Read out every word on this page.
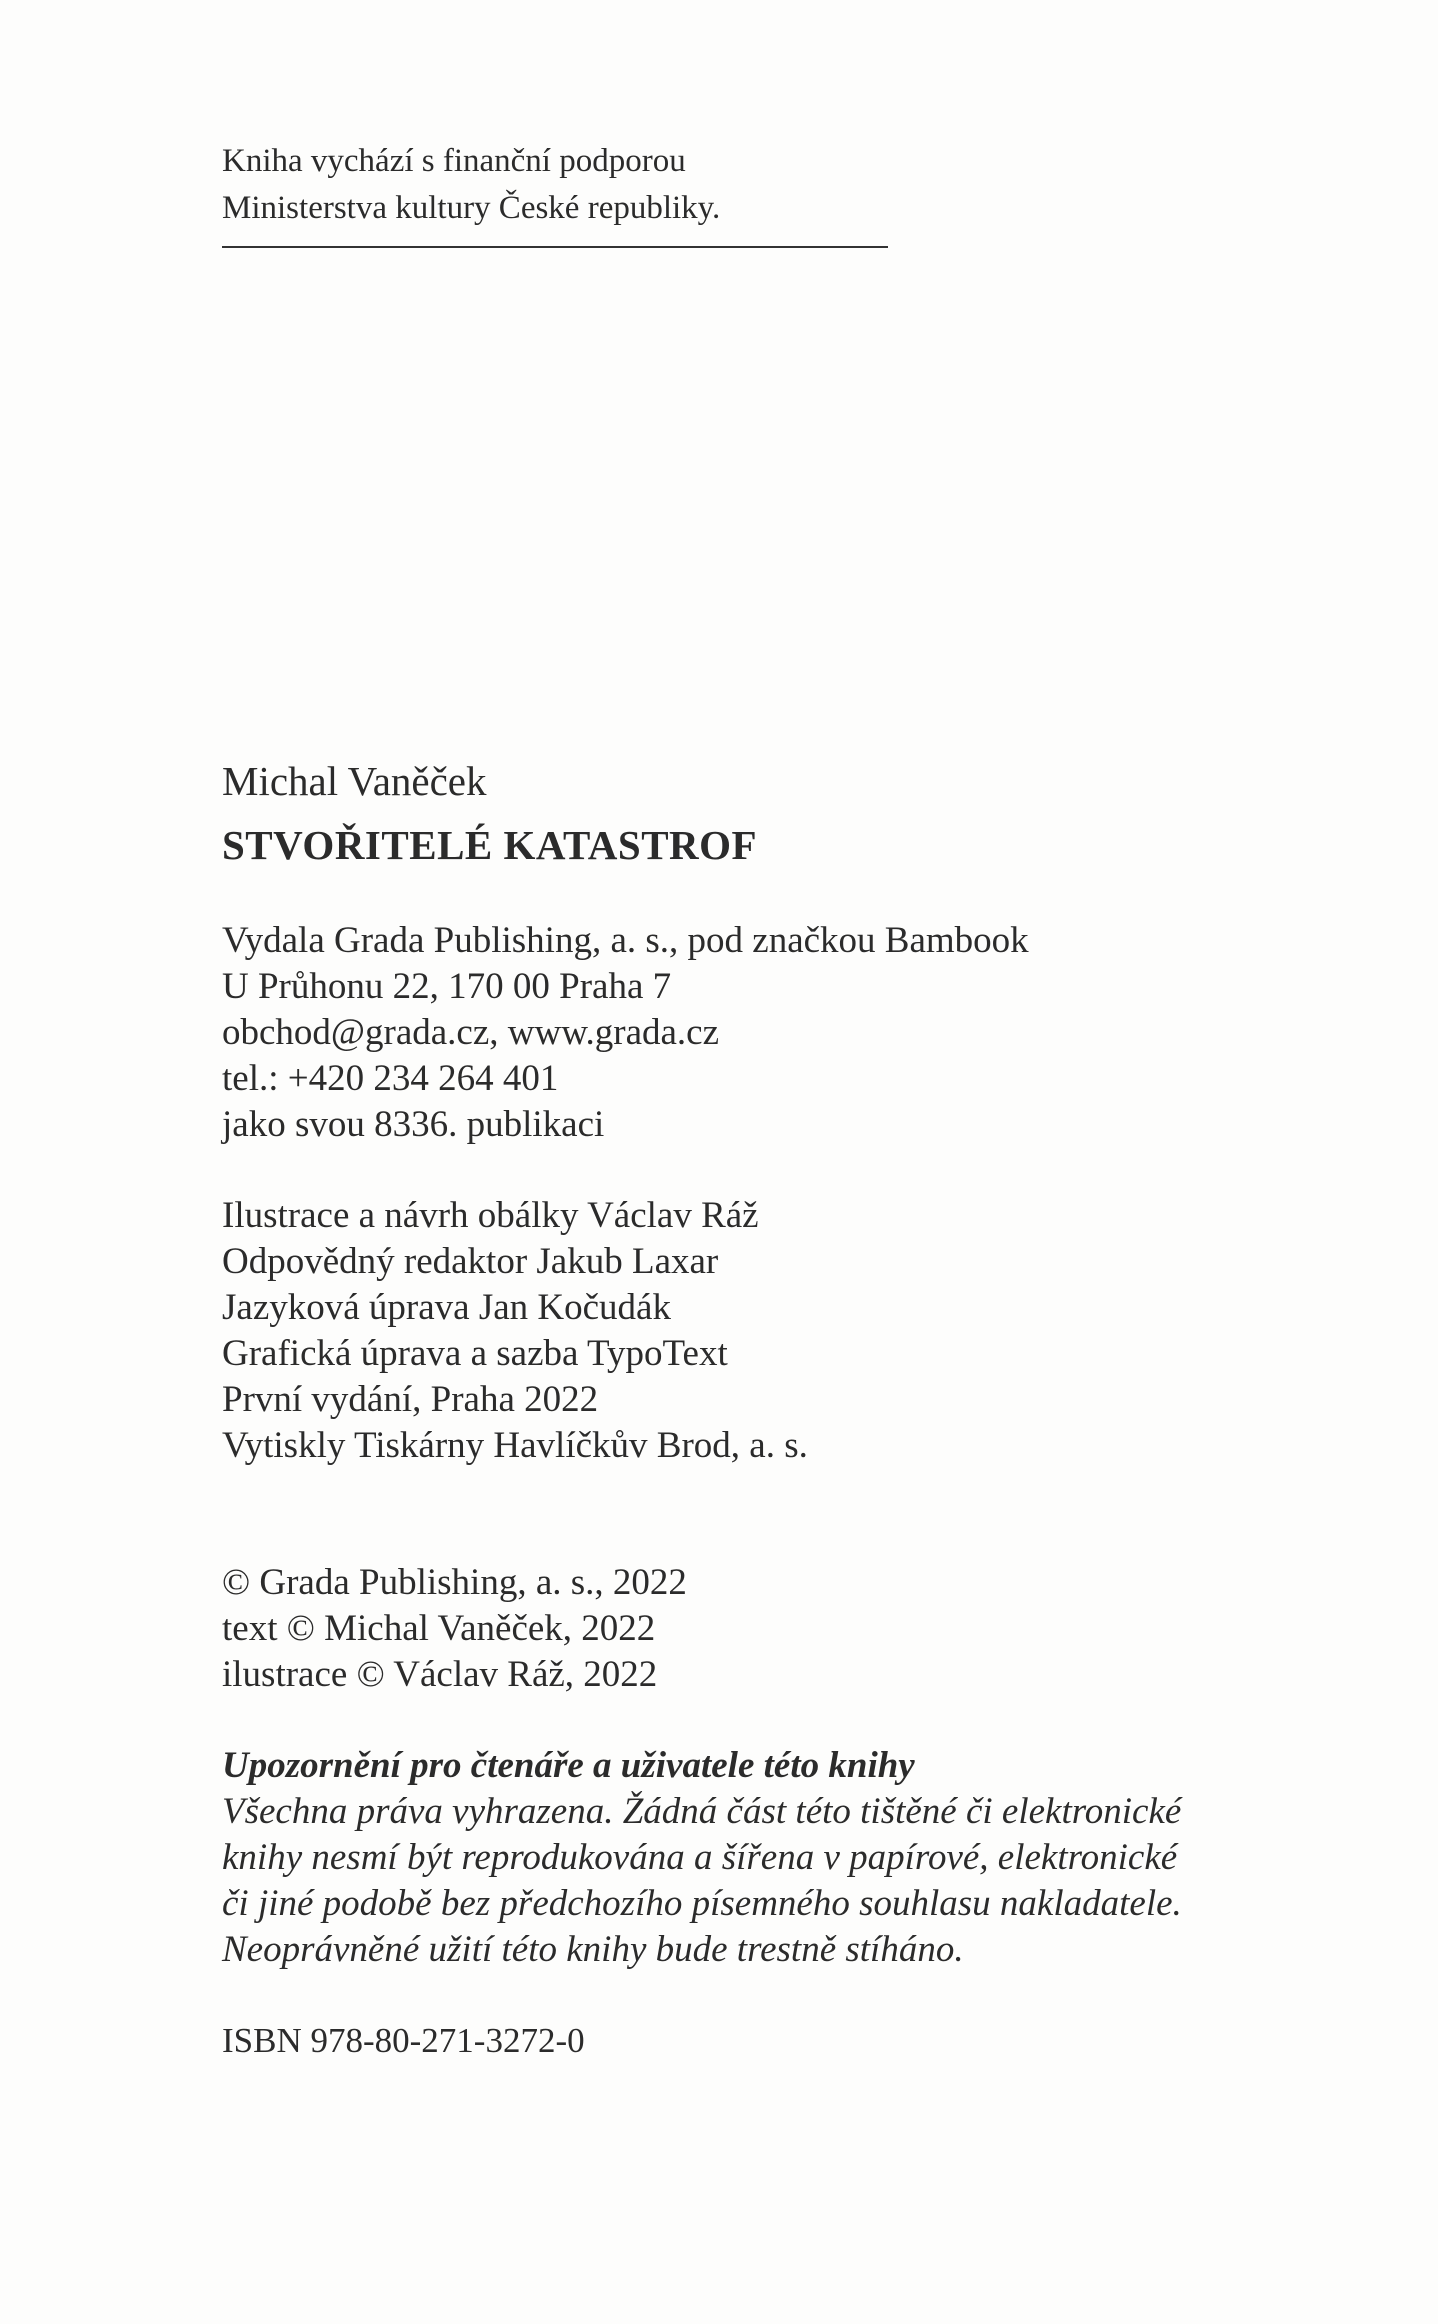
Kniha vychází s finanční podporou
Ministerstva kultury České republiky.
Michal Vaněček
STVOŘITELÉ KATASTROF
Vydala Grada Publishing, a. s., pod značkou Bambook
U Průhonu 22, 170 00 Praha 7
obchod@grada.cz, www.grada.cz
tel.: +420 234 264 401
jako svou 8336. publikaci
Ilustrace a návrh obálky Václav Ráž
Odpovědný redaktor Jakub Laxar
Jazyková úprava Jan Kočudák
Grafická úprava a sazba TypoText
První vydání, Praha 2022
Vytiskly Tiskárny Havlíčkův Brod, a. s.
© Grada Publishing, a. s., 2022
text © Michal Vaněček, 2022
ilustrace © Václav Ráž, 2022
Upozornění pro čtenáře a uživatele této knihy
Všechna práva vyhrazena. Žádná část této tištěné či elektronické
knihy nesmí být reprodukována a šířena v papírové, elektronické
či jiné podobě bez předchozího písemného souhlasu nakladatele.
Neoprávněné užití této knihy bude trestně stíháno.
ISBN 978-80-271-3272-0
